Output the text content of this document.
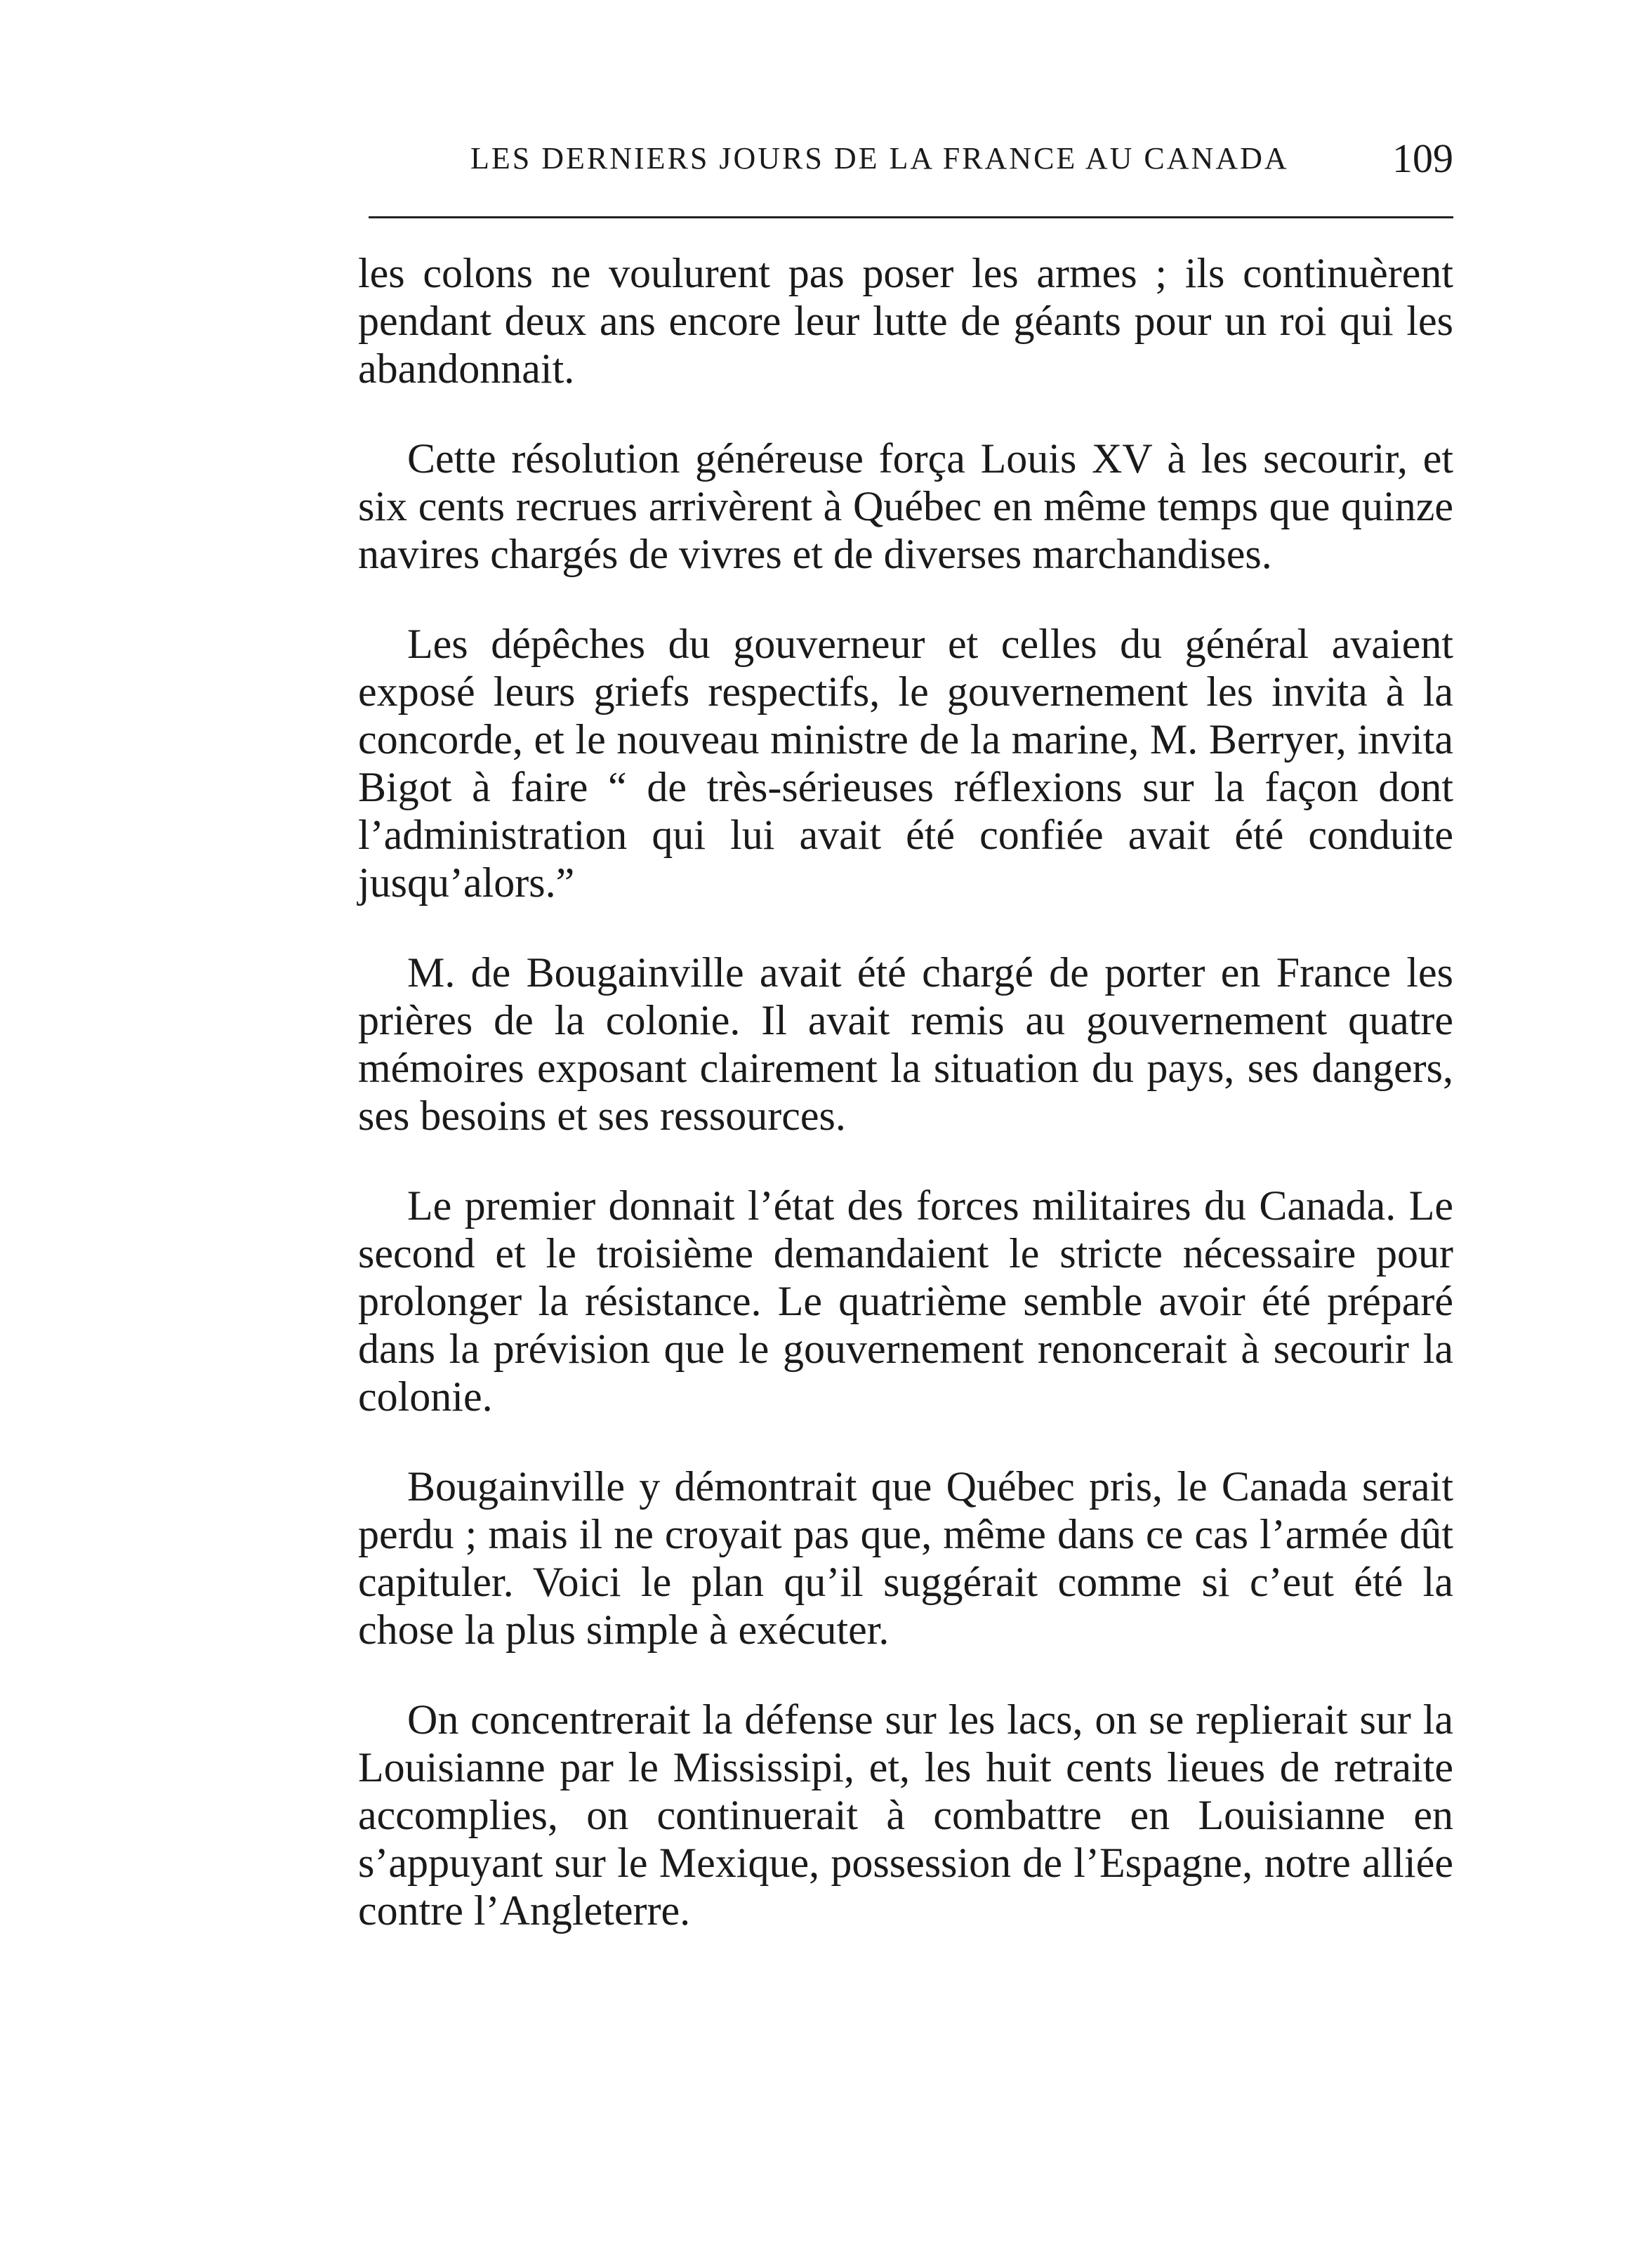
LES DERNIERS JOURS DE LA FRANCE AU CANADA	109

les colons ne voulurent pas poser les armes ; ils continuèrent pendant deux ans encore leur lutte de géants pour un roi qui les abandonnait.

Cette résolution généreuse força Louis XV à les secourir, et six cents recrues arrivèrent à Québec en même temps que quinze navires chargés de vivres et de diverses marchandises.

Les dépêches du gouverneur et celles du général avaient exposé leurs griefs respectifs, le gouvernement les invita à la concorde, et le nouveau ministre de la marine, M. Berryer, invita Bigot à faire “ de très-sérieuses réflexions sur la façon dont l’administration qui lui avait été confiée avait été conduite jusqu’alors.”

M. de Bougainville avait été chargé de porter en France les prières de la colonie. Il avait remis au gouvernement quatre mémoires exposant clairement la situation du pays, ses dangers, ses besoins et ses ressources.

Le premier donnait l’état des forces militaires du Canada. Le second et le troisième demandaient le stricte nécessaire pour prolonger la résistance. Le quatrième semble avoir été préparé dans la prévision que le gouvernement renoncerait à secourir la colonie.

Bougainville y démontrait que Québec pris, le Canada serait perdu ; mais il ne croyait pas que, même dans ce cas l’armée dût capituler. Voici le plan qu’il suggérait comme si c’eut été la chose la plus simple à exécuter.

On concentrerait la défense sur les lacs, on se replierait sur la Louisianne par le Mississipi, et, les huit cents lieues de retraite accomplies, on continuerait à combattre en Louisianne en s’appuyant sur le Mexique, possession de l’Espagne, notre alliée contre l’Angleterre.
